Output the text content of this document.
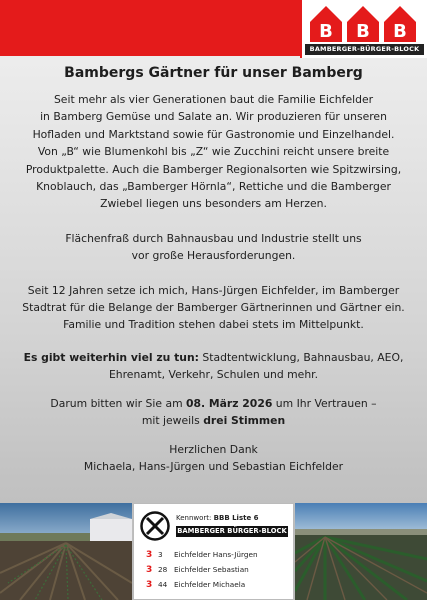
B B B
BAMBERGER-BÜRGER-BLOCK
Bambergs Gärtner für unser Bamberg
Seit mehr als vier Generationen baut die Familie Eichfelder
in Bamberg Gemüse und Salate an. Wir produzieren für unseren
Hofladen und Marktstand sowie für Gastronomie und Einzelhandel.
Von „B“ wie Blumenkohl bis „Z“ wie Zucchini reicht unsere breite
Produktpalette. Auch die Bamberger Regionalsorten wie Spitzwirsing,
Knoblauch, das „Bamberger Hörnla“, Rettiche und die Bamberger
Zwiebel liegen uns besonders am Herzen.
Flächenfraß durch Bahnausbau und Industrie stellt uns
vor große Herausforderungen.
Seit 12 Jahren setze ich mich, Hans-Jürgen Eichfelder, im Bamberger
Stadtrat für die Belange der Bamberger Gärtnerinnen und Gärtner ein.
Familie und Tradition stehen dabei stets im Mittelpunkt.
Es gibt weiterhin viel zu tun: Stadtentwicklung, Bahnausbau, AEO,
Ehrenamt, Verkehr, Schulen und mehr.
Darum bitten wir Sie am 08. März 2026 um Ihr Vertrauen –
mit jeweils drei Stimmen
Herzlichen Dank
Michaela, Hans-Jürgen und Sebastian Eichfelder
Kennwort: BBB Liste 6
BAMBERGER BÜRGER-BLOCK
3 3 Eichfelder Hans-Jürgen
3 28 Eichfelder Sebastian
3 44 Eichfelder Michaela
